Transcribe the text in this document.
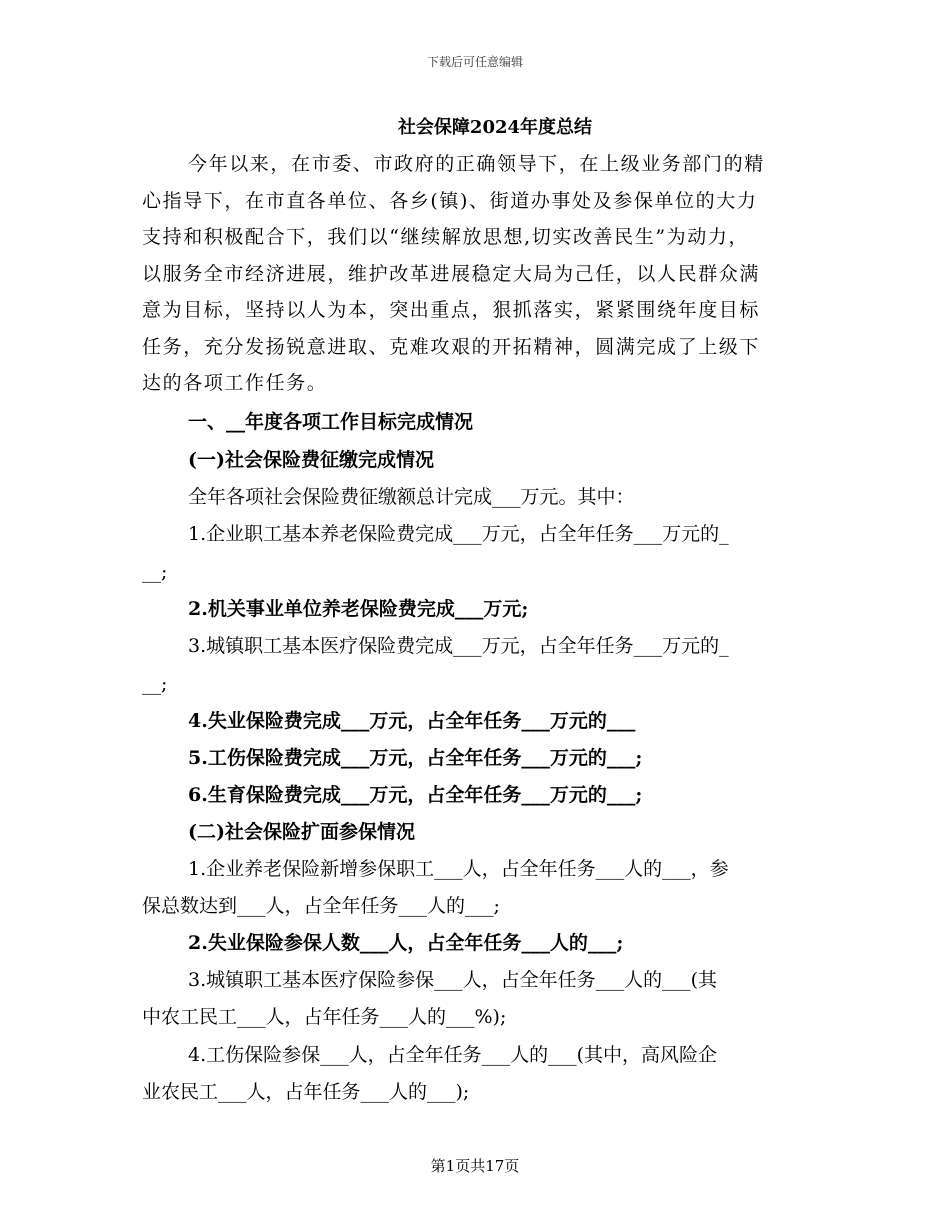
下载后可任意编辑
社会保障2024年度总结
今年以来，在市委、市政府的正确领导下，在上级业务部门的精
心指导下，在市直各单位、各乡(镇)、街道办事处及参保单位的大力
支持和积极配合下，我们以“继续解放思想,切实改善民生”为动力，
以服务全市经济进展，维护改革进展稳定大局为己任，以人民群众满
意为目标，坚持以人为本，突出重点，狠抓落实，紧紧围绕年度目标
任务，充分发扬锐意进取、克难攻艰的开拓精神，圆满完成了上级下
达的各项工作任务。
一、__年度各项工作目标完成情况
(一)社会保险费征缴完成情况
全年各项社会保险费征缴额总计完成___万元。其中：
1.企业职工基本养老保险费完成___万元，占全年任务___万元的_
__;
2.机关事业单位养老保险费完成___万元;
3.城镇职工基本医疗保险费完成___万元，占全年任务___万元的_
__;
4.失业保险费完成___万元，占全年任务___万元的___
5.工伤保险费完成___万元，占全年任务___万元的___;
6.生育保险费完成___万元，占全年任务___万元的___;
(二)社会保险扩面参保情况
1.企业养老保险新增参保职工___人，占全年任务___人的___，参
保总数达到___人，占全年任务___人的___;
2.失业保险参保人数___人，占全年任务___人的___;
3.城镇职工基本医疗保险参保___人，占全年任务___人的___(其
中农工民工___人，占年任务___人的___%);
4.工伤保险参保___人，占全年任务___人的___(其中，高风险企
业农民工___人，占年任务___人的___);
第1页共17页
